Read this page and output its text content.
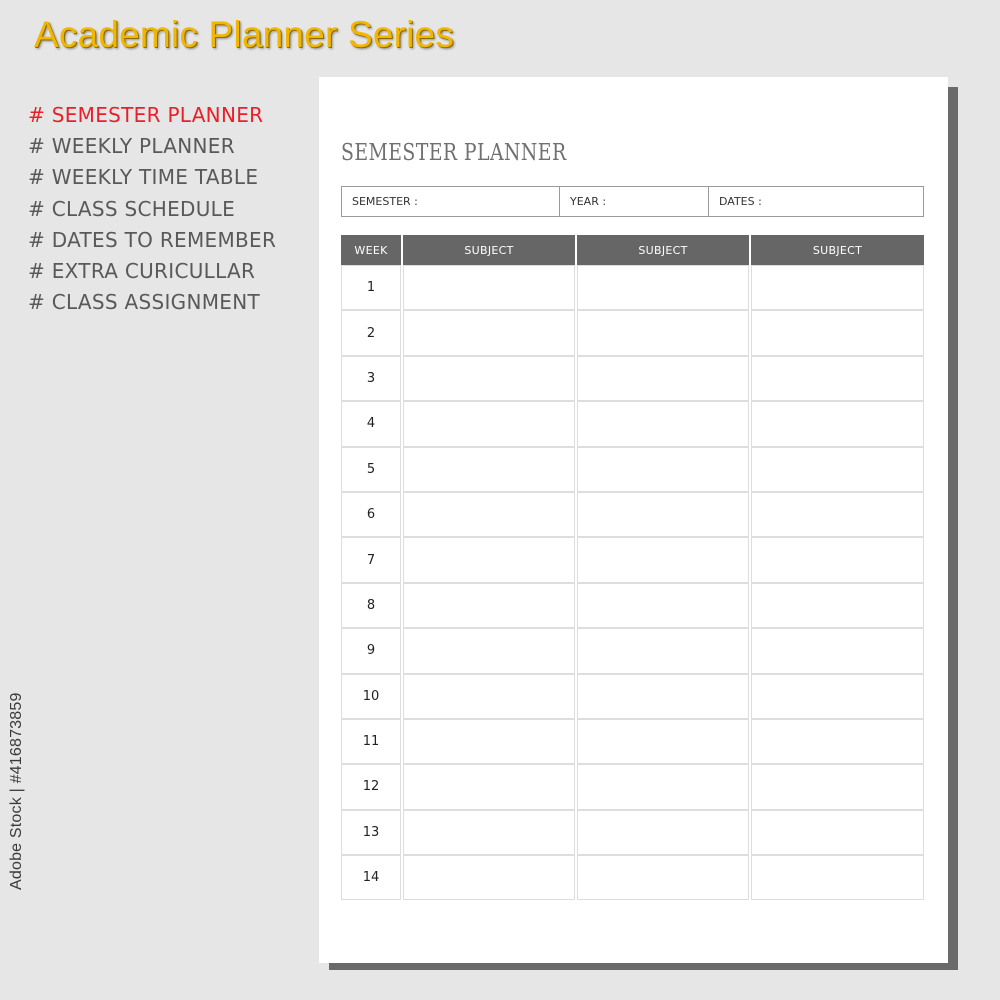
Academic Planner Series
# SEMESTER PLANNER
# WEEKLY PLANNER
# WEEKLY TIME TABLE
# CLASS SCHEDULE
# DATES TO REMEMBER
# EXTRA CURICULLAR
# CLASS ASSIGNMENT
Adobe Stock | #416873859
SEMESTER PLANNER
SEMESTER :	YEAR :	DATES :
WEEK	SUBJECT	SUBJECT	SUBJECT
1
2
3
4
5
6
7
8
9
10
11
12
13
14
